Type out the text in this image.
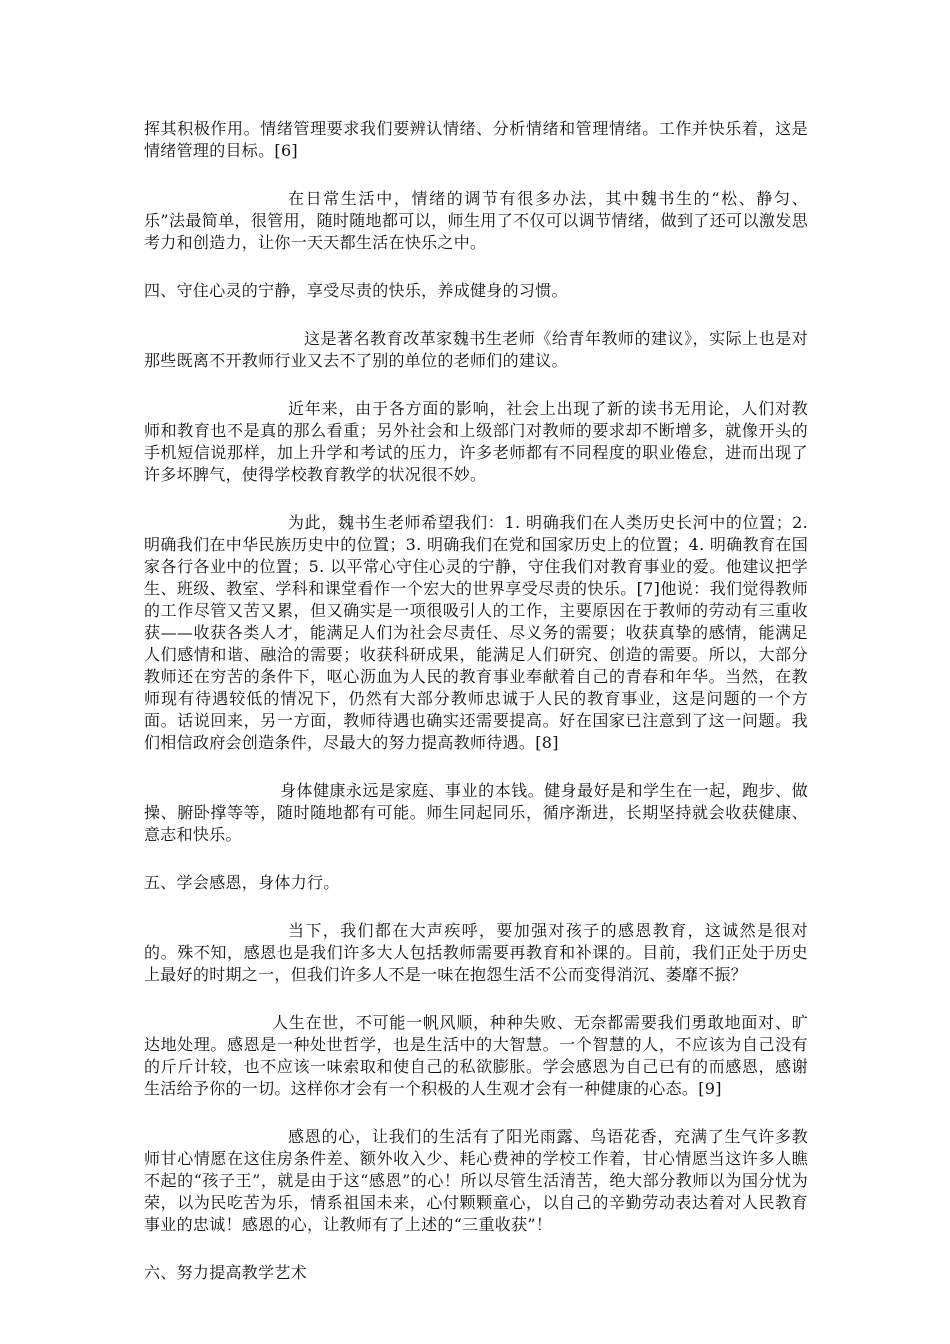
挥其积极作用。情绪管理要求我们要辨认情绪、分析情绪和管理情绪。工作并快乐着，这是情绪管理的目标。[6]

在日常生活中，情绪的调节有很多办法，其中魏书生的“松、静匀、乐”法最简单，很管用，随时随地都可以，师生用了不仅可以调节情绪，做到了还可以激发思考力和创造力，让你一天天都生活在快乐之中。

四、守住心灵的宁静，享受尽责的快乐，养成健身的习惯。

这是著名教育改革家魏书生老师《给青年教师的建议》，实际上也是对那些既离不开教师行业又去不了别的单位的老师们的建议。

近年来，由于各方面的影响，社会上出现了新的读书无用论，人们对教师和教育也不是真的那么看重；另外社会和上级部门对教师的要求却不断增多，就像开头的手机短信说那样，加上升学和考试的压力，许多老师都有不同程度的职业倦怠，进而出现了许多坏脾气，使得学校教育教学的状况很不妙。

为此，魏书生老师希望我们：1. 明确我们在人类历史长河中的位置；2. 明确我们在中华民族历史中的位置；3. 明确我们在党和国家历史上的位置；4. 明确教育在国家各行各业中的位置；5. 以平常心守住心灵的宁静，守住我们对教育事业的爱。他建议把学生、班级、教室、学科和课堂看作一个宏大的世界享受尽责的快乐。[7]他说：我们觉得教师的工作尽管又苦又累，但又确实是一项很吸引人的工作，主要原因在于教师的劳动有三重收获——收获各类人才，能满足人们为社会尽责任、尽义务的需要；收获真挚的感情，能满足人们感情和谐、融洽的需要；收获科研成果，能满足人们研究、创造的需要。所以，大部分教师还在穷苦的条件下，呕心沥血为人民的教育事业奉献着自己的青春和年华。当然，在教师现有待遇较低的情况下，仍然有大部分教师忠诚于人民的教育事业，这是问题的一个方面。话说回来，另一方面，教师待遇也确实还需要提高。好在国家已注意到了这一问题。我们相信政府会创造条件，尽最大的努力提高教师待遇。[8]

身体健康永远是家庭、事业的本钱。健身最好是和学生在一起，跑步、做操、腑卧撑等等，随时随地都有可能。师生同起同乐，循序渐进，长期坚持就会收获健康、意志和快乐。

五、学会感恩，身体力行。

当下，我们都在大声疾呼，要加强对孩子的感恩教育，这诚然是很对的。殊不知，感恩也是我们许多大人包括教师需要再教育和补课的。目前，我们正处于历史上最好的时期之一，但我们许多人不是一味在抱怨生活不公而变得消沉、萎靡不振？

人生在世，不可能一帆风顺，种种失败、无奈都需要我们勇敢地面对、旷达地处理。感恩是一种处世哲学，也是生活中的大智慧。一个智慧的人，不应该为自己没有的斤斤计较，也不应该一味索取和使自己的私欲膨胀。学会感恩为自己已有的而感恩，感谢生活给予你的一切。这样你才会有一个积极的人生观才会有一种健康的心态。[9]

感恩的心，让我们的生活有了阳光雨露、鸟语花香，充满了生气许多教师甘心情愿在这住房条件差、额外收入少、耗心费神的学校工作着，甘心情愿当这许多人瞧不起的“孩子王”，就是由于这“感恩”的心！所以尽管生活清苦，绝大部分教师以为国分忧为荣，以为民吃苦为乐，情系祖国未来，心付颗颗童心，以自己的辛勤劳动表达着对人民教育事业的忠诚！感恩的心，让教师有了上述的“三重收获”！

六、努力提高教学艺术
